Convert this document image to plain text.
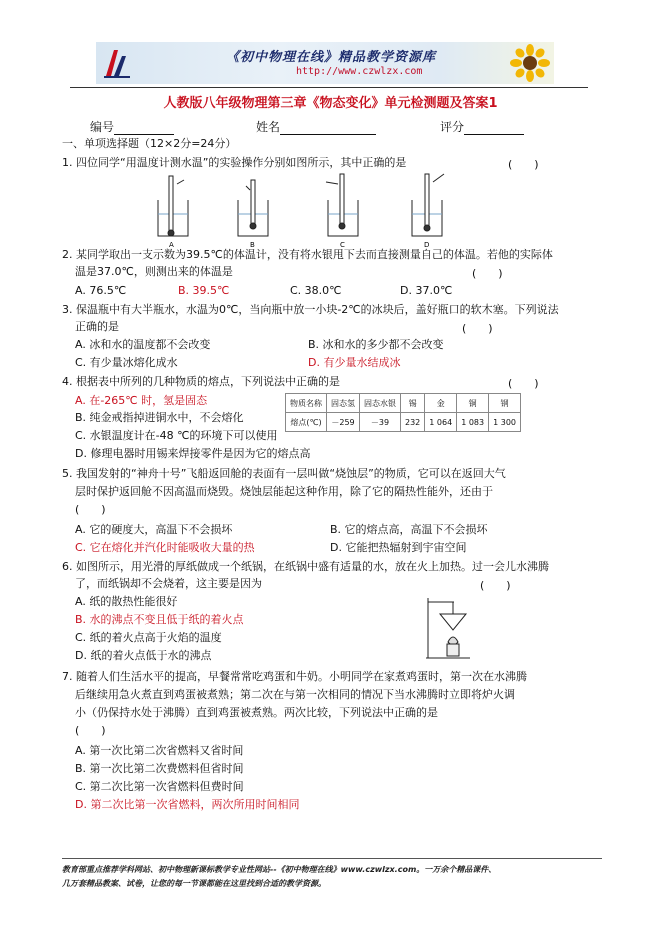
《初中物理在线》精品教学资源库
http://www.czwlzx.com
人教版八年级物理第三章《物态变化》单元检测题及答案1
编号	姓名	评分
一、单项选择题（12×2分=24分）
1. 四位同学“用温度计测水温”的实验操作分别如图所示，其中正确的是	(　　)
A	B	C	D
2. 某同学取出一支示数为39.5℃的体温计，没有将水银甩下去而直接测量自己的体温。若他的实际体
温是37.0℃，则测出来的体温是	(　　)
A. 76.5℃	B. 39.5℃	C. 38.0℃	D. 37.0℃
3. 保温瓶中有大半瓶水，水温为0℃，当向瓶中放一小块-2℃的冰块后，盖好瓶口的软木塞。下列说法
正确的是	(　　)
A. 冰和水的温度都不会改变	B. 冰和水的多少都不会改变
C. 有少量冰熔化成水	D. 有少量水结成冰
4. 根据表中所列的几种物质的熔点，下列说法中正确的是	(　　)
A. 在-265℃ 时，氢是固态
B. 纯金戒指掉进铜水中，不会熔化
C. 水银温度计在-48 ℃的环境下可以使用
D. 修理电器时用锡来焊接零件是因为它的熔点高
物质名称	固态氢	固态水银	锡	金	铜	钢
熔点(℃)	－259	－39	232	1 064	1 083	1 300
5. 我国发射的“神舟十号”飞船返回舱的表面有一层叫做“烧蚀层”的物质，它可以在返回大气
层时保护返回舱不因高温而烧毁。烧蚀层能起这种作用，除了它的隔热性能外，还由于
(　　)
A. 它的硬度大，高温下不会损坏	B. 它的熔点高，高温下不会损坏
C. 它在熔化并汽化时能吸收大量的热	D. 它能把热辐射到宇宙空间
6. 如图所示，用光滑的厚纸做成一个纸锅，在纸锅中盛有适量的水，放在火上加热。过一会儿水沸腾
了，而纸锅却不会烧着，这主要是因为	(　　)
A. 纸的散热性能很好
B. 水的沸点不变且低于纸的着火点
C. 纸的着火点高于火焰的温度
D. 纸的着火点低于水的沸点
7. 随着人们生活水平的提高，早餐常常吃鸡蛋和牛奶。小明同学在家煮鸡蛋时，第一次在水沸腾
后继续用急火煮直到鸡蛋被煮熟；第二次在与第一次相同的情况下当水沸腾时立即将炉火调
小（仍保持水处于沸腾）直到鸡蛋被煮熟。两次比较，下列说法中正确的是
(　　)
A. 第一次比第二次省燃料又省时间
B. 第一次比第二次费燃料但省时间
C. 第二次比第一次省燃料但费时间
D. 第二次比第一次省燃料，两次所用时间相同
教育部重点推荐学科网站、初中物理新课标教学专业性网站--《初中物理在线》www.czwlzx.com。一万余个精品课件、
几万套精品教案、试卷，让您的每一节课都能在这里找到合适的教学资源。
